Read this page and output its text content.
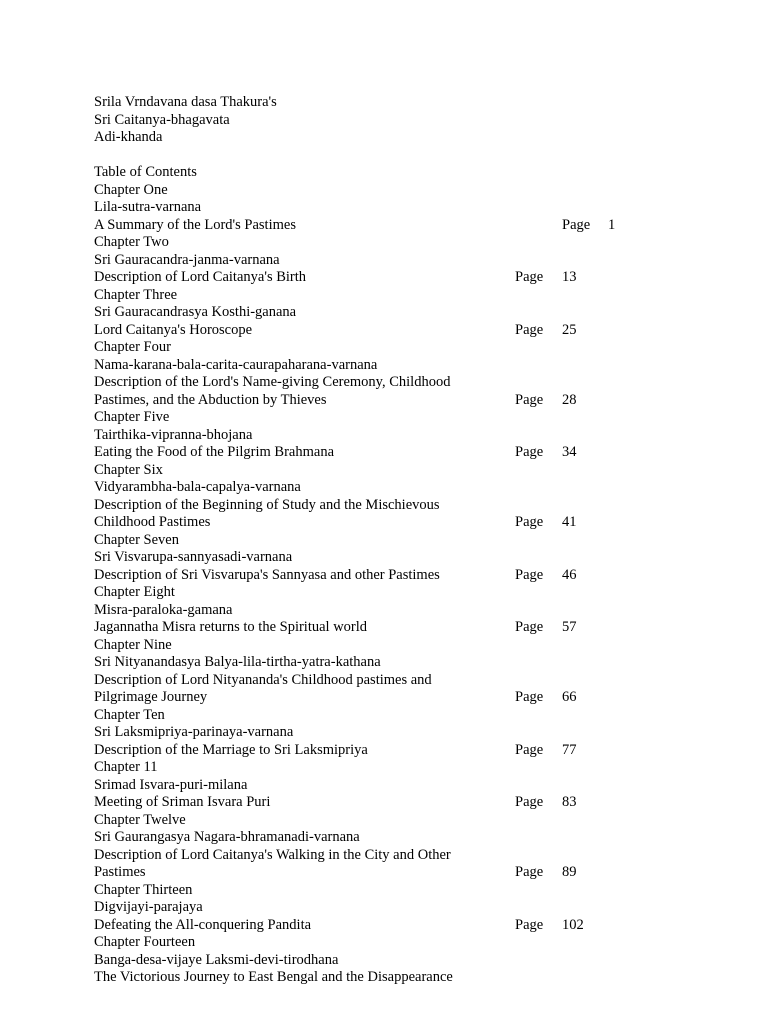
Srila Vrndavana dasa Thakura's
Sri Caitanya-bhagavata
Adi-khanda
Table of Contents
Chapter One
Lila-sutra-varnana
A Summary of the Lord's Pastimes	Page 1
Chapter Two
Sri Gauracandra-janma-varnana
Description of Lord Caitanya's Birth	Page 13
Chapter Three
Sri Gauracandrasya Kosthi-ganana
Lord Caitanya's Horoscope	Page 25
Chapter Four
Nama-karana-bala-carita-caurapaharana-varnana
Description of the Lord's Name-giving Ceremony, Childhood
Pastimes, and the Abduction by Thieves	Page 28
Chapter Five
Tairthika-vipranna-bhojana
Eating the Food of the Pilgrim Brahmana	Page 34
Chapter Six
Vidyarambha-bala-capalya-varnana
Description of the Beginning of Study and the Mischievous
Childhood Pastimes	Page 41
Chapter Seven
Sri Visvarupa-sannyasadi-varnana
Description of Sri Visvarupa's Sannyasa and other Pastimes	Page 46
Chapter Eight
Misra-paraloka-gamana
Jagannatha Misra returns to the Spiritual world	Page 57
Chapter Nine
Sri Nityanandasya Balya-lila-tirtha-yatra-kathana
Description of Lord Nityananda's Childhood pastimes and
Pilgrimage Journey	Page 66
Chapter Ten
Sri Laksmipriya-parinaya-varnana
Description of the Marriage to Sri Laksmipriya	Page 77
Chapter 11
Srimad Isvara-puri-milana
Meeting of Sriman Isvara Puri	Page 83
Chapter Twelve
Sri Gaurangasya Nagara-bhramanadi-varnana
Description of Lord Caitanya's Walking in the City and Other
Pastimes	Page 89
Chapter Thirteen
Digvijayi-parajaya
Defeating the All-conquering Pandita	Page 102
Chapter Fourteen
Banga-desa-vijaye Laksmi-devi-tirodhana
The Victorious Journey to East Bengal and the Disappearance
